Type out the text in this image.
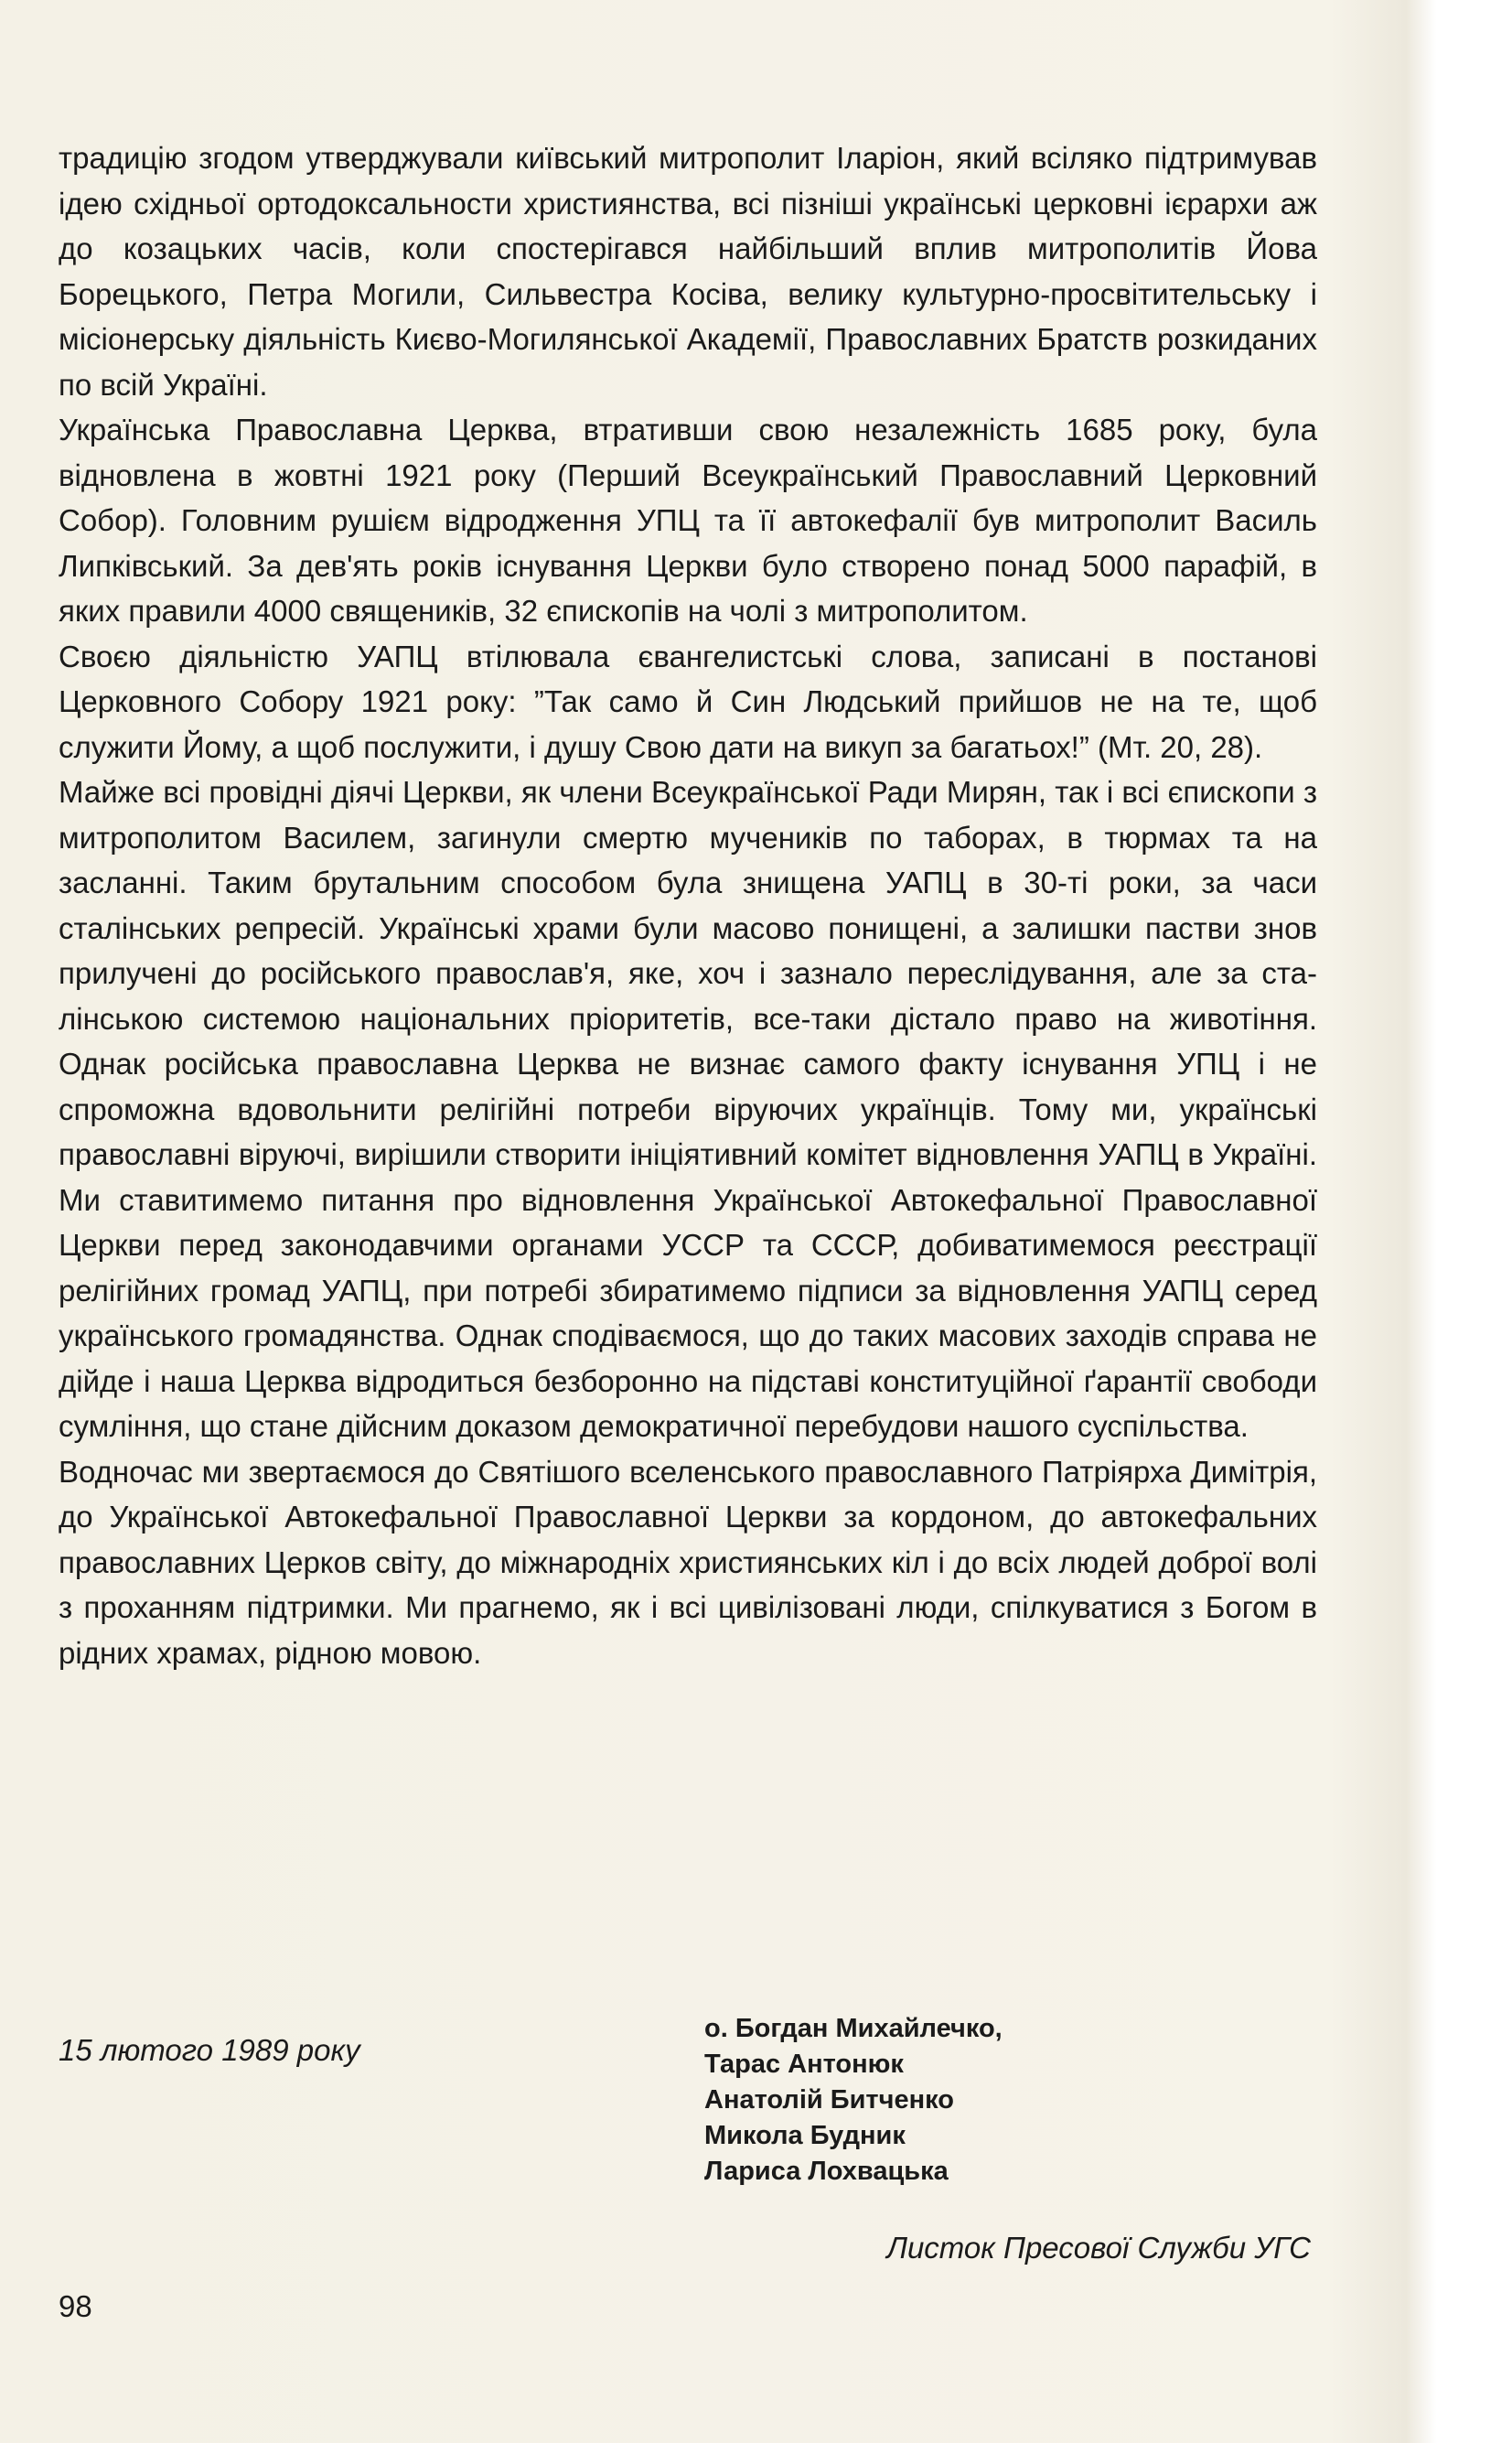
традицію згодом утверджували київський митрополит Іларіон, який всіляко підтримував ідею східньої ортодоксальности християнства, всі пізніші українські церковні ієрархи аж до козацьких часів, коли спостерігався найбільший вплив митрополитів Йова Борецького, Петра Могили, Сильвестра Косіва, велику культурно-просвітительську і місіонерську діяльність Києво-Могилянської Академії, Православних Братств розкиданих по всій Україні.

Українська Православна Церква, втративши свою незалежність 1685 року, була відновлена в жовтні 1921 року (Перший Всеукраїнський Православний Церковний Собор). Головним рушієм відродження УПЦ та її автокефалії був митрополит Василь Липківський. За дев'ять років існування Церкви було створено понад 5000 парафій, в яких правили 4000 священиків, 32 єпископів на чолі з митрополитом.

Своєю діяльністю УАПЦ втілювала євангелистські слова, записані в постанові Церковного Собору 1921 року: ”Так само й Син Людський прийшов не на те, щоб служити Йому, а щоб послужити, і душу Свою дати на викуп за багатьох!” (Мт. 20, 28).

Майже всі провідні діячі Церкви, як члени Всеукраїнської Ради Мирян, так і всі єпископи з митрополитом Василем, загинули смертю мучеників по таборах, в тюрмах та на засланні. Таким брутальним способом була знищена УАПЦ в 30-ті роки, за часи сталінських репресій. Українські храми були масово понищені, а залишки пастви знов прилучені до російського православ'я, яке, хоч і зазнало переслідування, але за сталінською системою національних пріоритетів, все-таки дістало право на животіння. Однак російська православна Церква не визнає самого факту існування УПЦ і не спроможна вдовольнити релігійні потреби віруючих українців. Тому ми, українські православні віруючі, вирішили створити ініціятивний комітет відновлення УАПЦ в Україні. Ми ставитимемо питання про відновлення Української Автокефальної Православної Церкви перед законодавчими органами УССР та СССР, добиватимемося реєстрації релігійних громад УАПЦ, при потребі збиратимемо підписи за відновлення УАПЦ серед українського громадянства. Однак сподіваємося, що до таких масових заходів справа не дійде і наша Церква відродиться безборонно на підставі конституційної ґарантії свободи сумління, що стане дійсним доказом демократичної перебудови нашого суспільства.

Водночас ми звертаємося до Святішого вселенського православного Патріярха Димітрія, до Української Автокефальної Православної Церкви за кордоном, до автокефальних православних Церков світу, до міжнародніх християнських кіл і до всіх людей доброї волі з проханням підтримки. Ми прагнемо, як і всі цивілізовані люди, спілкуватися з Богом в рідних храмах, рідною мовою.

15 лютого 1989 року
о. Богдан Михайлечко,
Тарас Антонюк
Анатолій Битченко
Микола Будник
Лариса Лохвацька
Листок Пресової Служби УГС
98
